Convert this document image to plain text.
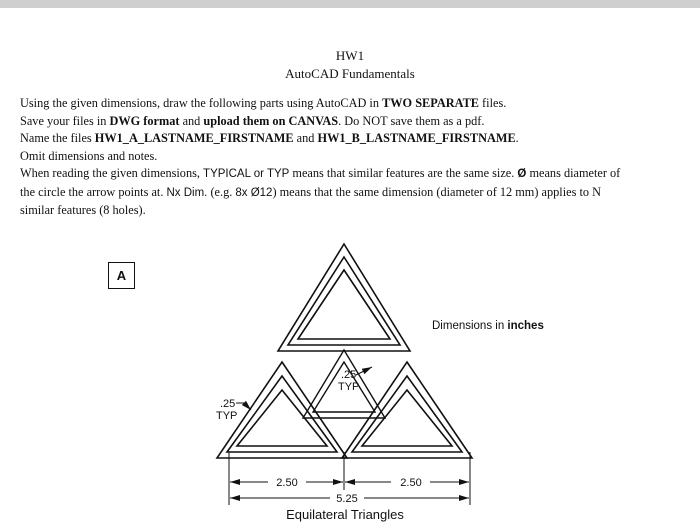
HW1
AutoCAD Fundamentals
Using the given dimensions, draw the following parts using AutoCAD in TWO SEPARATE files.
Save your files in DWG format and upload them on CANVAS. Do NOT save them as a pdf.
Name the files HW1_A_LASTNAME_FIRSTNAME and HW1_B_LASTNAME_FIRSTNAME.
Omit dimensions and notes.
When reading the given dimensions, TYPICAL or TYP means that similar features are the same size. Ø means diameter of
the circle the arrow points at. Nx Dim. (e.g. 8x Ø12) means that the same dimension (diameter of 12 mm) applies to N
similar features (8 holes).
A
Dimensions in inches
2.50	2.50
5.25
.25
TYP
.25
TYP
Equilateral Triangles
